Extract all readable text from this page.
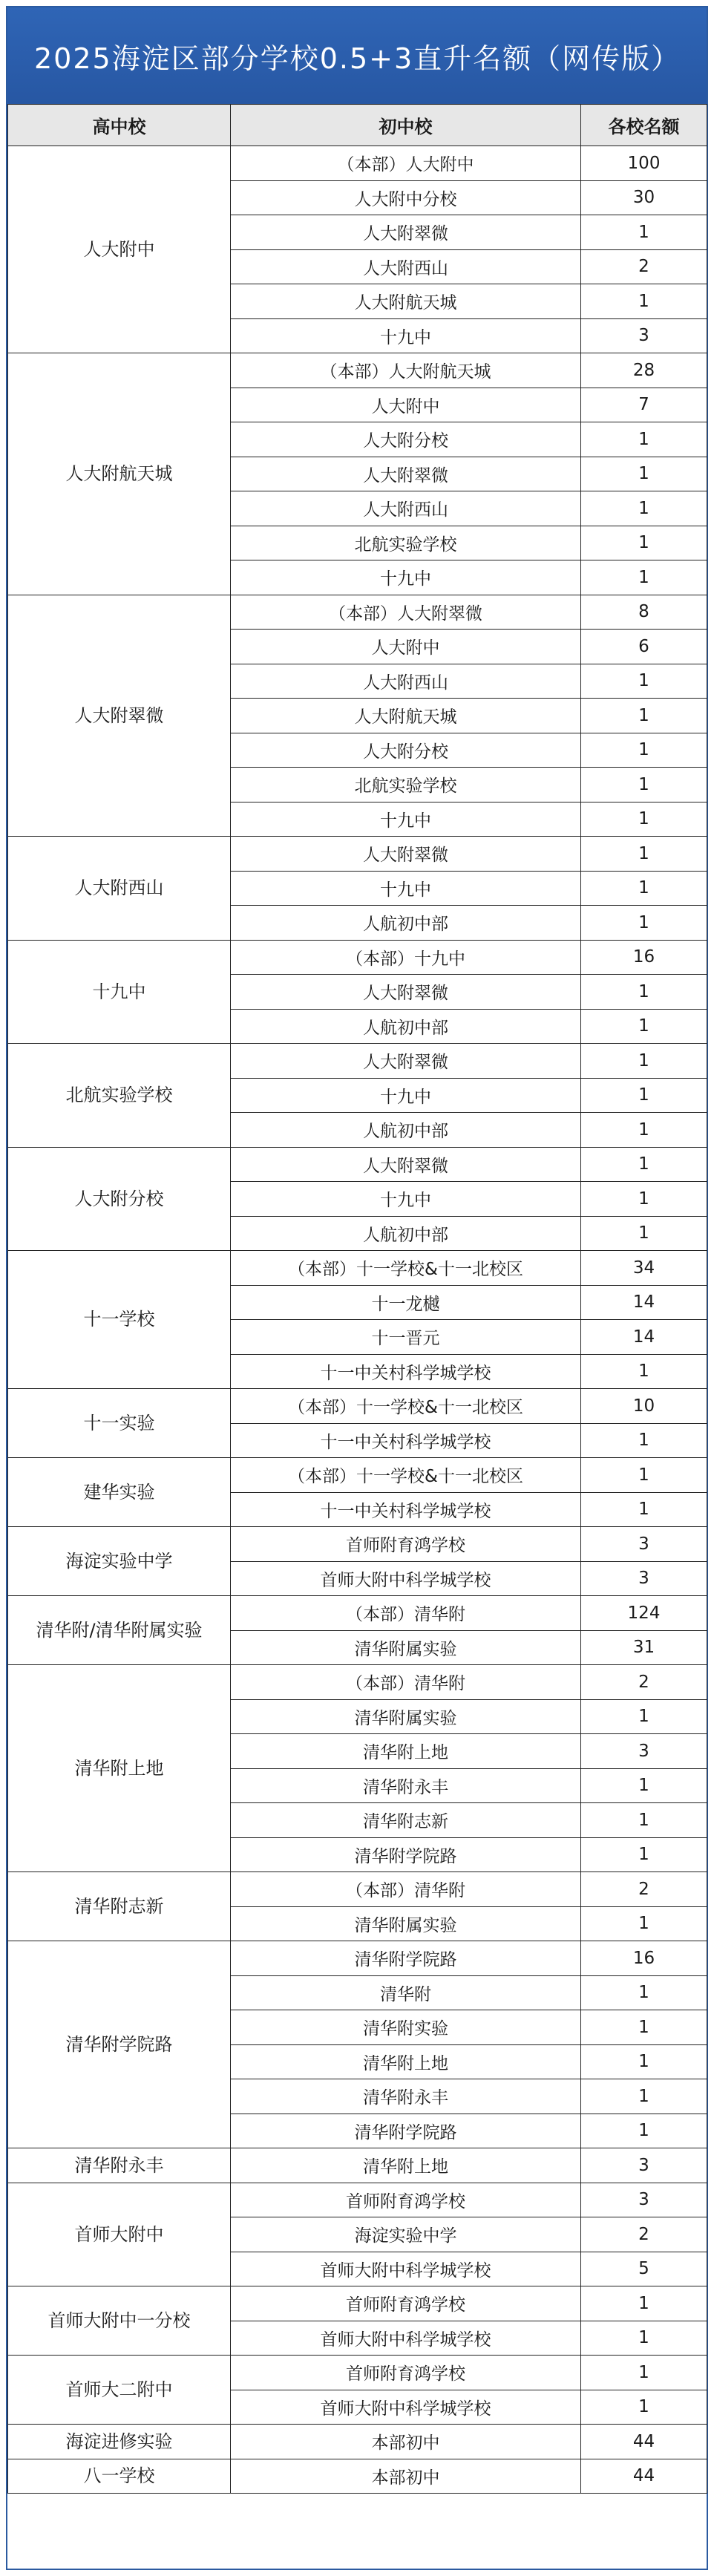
2025海淀区部分学校0.5+3直升名额（网传版）
高中校	初中校	各校名额
人大附中	（本部）人大附中	100
	人大附中分校	30
	人大附翠微	1
	人大附西山	2
	人大附航天城	1
	十九中	3
人大附航天城	（本部）人大附航天城	28
	人大附中	7
	人大附分校	1
	人大附翠微	1
	人大附西山	1
	北航实验学校	1
	十九中	1
人大附翠微	（本部）人大附翠微	8
	人大附中	6
	人大附西山	1
	人大附航天城	1
	人大附分校	1
	北航实验学校	1
	十九中	1
人大附西山	人大附翠微	1
	十九中	1
	人航初中部	1
十九中	（本部）十九中	16
	人大附翠微	1
	人航初中部	1
北航实验学校	人大附翠微	1
	十九中	1
	人航初中部	1
人大附分校	人大附翠微	1
	十九中	1
	人航初中部	1
十一学校	（本部）十一学校&十一北校区	34
	十一龙樾	14
	十一晋元	14
	十一中关村科学城学校	1
十一实验	（本部）十一学校&十一北校区	10
	十一中关村科学城学校	1
建华实验	（本部）十一学校&十一北校区	1
	十一中关村科学城学校	1
海淀实验中学	首师附育鸿学校	3
	首师大附中科学城学校	3
清华附/清华附属实验	（本部）清华附	124
	清华附属实验	31
清华附上地	（本部）清华附	2
	清华附属实验	1
	清华附上地	3
	清华附永丰	1
	清华附志新	1
	清华附学院路	1
清华附志新	（本部）清华附	2
	清华附属实验	1
清华附学院路	清华附学院路	16
	清华附	1
	清华附实验	1
	清华附上地	1
	清华附永丰	1
	清华附学院路	1
清华附永丰	清华附上地	3
首师大附中	首师附育鸿学校	3
	海淀实验中学	2
	首师大附中科学城学校	5
首师大附中一分校	首师附育鸿学校	1
	首师大附中科学城学校	1
首师大二附中	首师附育鸿学校	1
	首师大附中科学城学校	1
海淀进修实验	本部初中	44
八一学校	本部初中	44
